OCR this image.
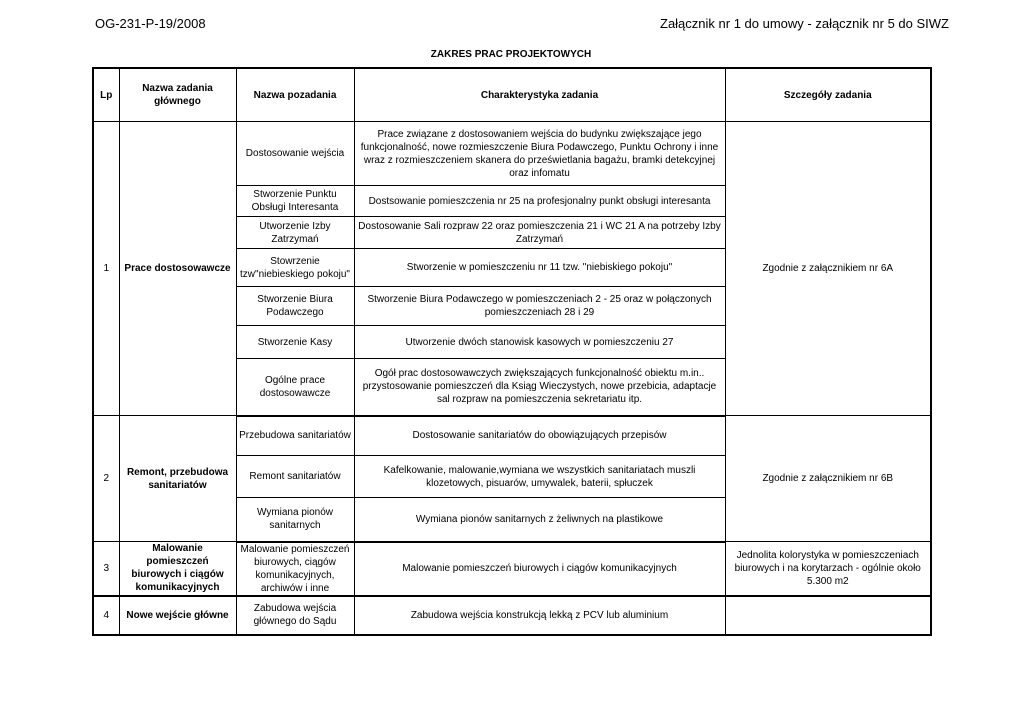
OG-231-P-19/2008	Załącznik nr 1 do umowy - załącznik nr 5 do SIWZ
ZAKRES PRAC PROJEKTOWYCH
Lp	Nazwa zadania głównego	Nazwa pozadania	Charakterystyka zadania	Szczegóły zadania
1	Prace dostosowawcze	Dostosowanie wejścia	Prace związane z dostosowaniem wejścia do budynku zwiększające jego funkcjonalność, nowe rozmieszczenie Biura Podawczego, Punktu Ochrony i inne wraz z rozmieszczeniem skanera do prześwietlania bagażu, bramki detekcyjnej oraz infomatu	Zgodnie z załącznikiem nr 6A
		Stworzenie Punktu Obsługi Interesanta	Dostsowanie pomieszczenia nr 25 na profesjonalny punkt obsługi interesanta	
		Utworzenie Izby Zatrzymań	Dostosowanie Sali rozpraw 22 oraz pomieszczenia 21 i WC 21 A na potrzeby Izby Zatrzymań	
		Stowrzenie tzw"niebieskiego pokoju"	Stworzenie w pomieszczeniu nr 11 tzw. "niebiskiego pokoju"	
		Stworzenie Biura Podawczego	Stworzenie Biura Podawczego w pomieszczeniach 2 - 25 oraz w połączonych pomieszczeniach 28 i 29	
		Stworzenie Kasy	Utworzenie dwóch stanowisk kasowych w pomieszczeniu 27	
		Ogólne prace dostosowawcze	Ogół prac dostosowawczych zwiększających funkcjonalność obiektu m.in.. przystosowanie pomieszczeń dla Ksiąg Wieczystych, nowe przebicia, adaptacje sal rozpraw na pomieszczenia sekretariatu itp.	
2	Remont, przebudowa sanitariatów	Przebudowa sanitariatów	Dostosowanie sanitariatów do obowiązujących przepisów	Zgodnie z załącznikiem nr 6B
		Remont sanitariatów	Kafelkowanie, malowanie,wymiana we wszystkich sanitariatach muszli klozetowych, pisuarów, umywalek, baterii, spłuczek	
		Wymiana pionów sanitarnych	Wymiana pionów sanitarnych z żeliwnych na plastikowe	
3	Malowanie pomieszczeń biurowych i ciągów komunikacyjnych	Malowanie pomieszczeń biurowych, ciągów komunikacyjnych, archiwów i inne	Malowanie pomieszczeń biurowych i ciągów komunikacyjnych	Jednolita kolorystyka w pomieszczeniach biurowych i na korytarzach - ogólnie około 5.300 m2
4	Nowe wejście główne	Zabudowa wejścia głównego do Sądu	Zabudowa wejścia konstrukcją lekką z PCV lub aluminium	
